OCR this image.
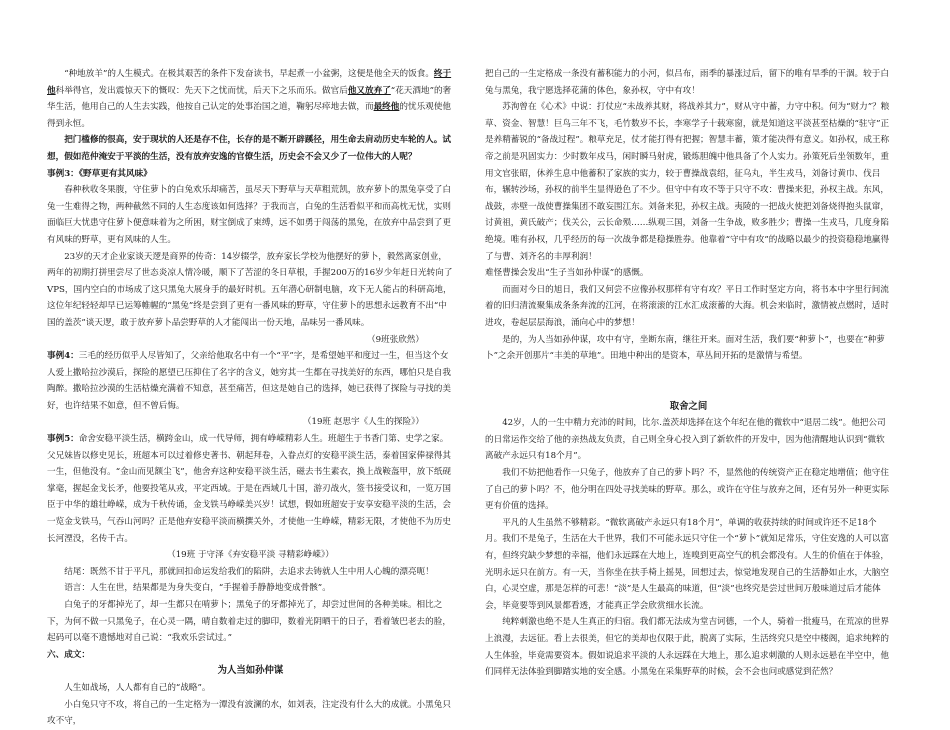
“种地放羊”的人生模式。在极其艰苦的条件下发奋读书，早起煮一小盆粥，这便是他全天的饭食。终于他科举得官，发出震惊天下的慨叹：先天下之忧而忧，后天下之乐而乐。做官后他又放弃了“花天酒地”的奢华生活，他用自己的人生去实践，他按自己认定的处事治国之道，鞠躬尽瘁地去做，而最终他的忧乐观使他得到永恒。

把门槛修的很高，安于现状的人还是存不住，长存的是不断开辟蹊径，用生命去肩动历史车轮的人。试想，假如范仲淹安于平淡的生活，没有放弃安逸的官僚生活，历史会不会又少了一位伟大的人呢？

事例3：《野草更有其风味》

春种秋收冬果腹，守住萝卜的白兔欢乐却痛苦，虽尽天下野草与天草粗荒凯，放弃萝卜的黑兔享受了白兔一生难得之物，两种截然不同的人生态度该如何选择？于我而言，白兔的生活看似平和而高枕无忧，实则面临巨大忧患守住萝卜便意味着为之所困，财宝倒成了束缚，远不如勇于闯荡的黑兔，在放弃中品尝到了更有风味的野草，更有风味的人生。

23岁的天才企业家谈天逻是商界的传奇：14岁辍学，放弃家长学校为他摆好的萝卜，毅然离家创业，两年的初期打拼里尝尽了世态炎凉人情冷暖，顺下了苦涩的冬日草根，手握200万的16岁少年赶日光转向了VPS，国内空白的市场成了这只黑兔大展身手的最好时机。五年潜心研制电脑，攻下无人能占的科研高地，这位年纪轻轻却早已运筹帷幄的“黑兔”终是尝到了更有一番风味的野草，守住萝卜的思想永远教育不出“中国的盖茨”谈天逻，敢于放弃萝卜品尝野草的人才能闯出一份天地，品味另一番风味。

（9班张欣然）

事例4：三毛的经历似乎人尽皆知了，父亲给他取名中有一个“平”字，是希望她平和度过一生，但当这个女人爱上撒哈拉沙漠后，探险的愿望已压抑住了名字的含义，她穷其一生都在寻找美好的东西，哪怕只是自我陶醉。撒哈拉沙漠的生活枯燥充满着不知意，甚至痛苦，但这是她自己的选择，她已获得了探险与寻找的美好，也许结果不如意，但不曾后悔。

（19班 赵思宇《人生的探险》）

事例5：命舍安稳平淡生活，横跨金山，成一代导师，拥有峥嵘精彩人生。班超生于书香门第、史学之家。父兄妹皆以修史见长，班超本可以过着修史著书、朝起拜卷，入眷点灯的安稳平淡生活，泰着国家俸禄得其一生，但他没有。“金山而见额尘飞”，他舍弃这种安稳平淡生活，磁去书生素衣，换上战鞍盔甲，放下纸砚掌毫，握起金戈长矛，他要投笔从戎，平定西域。于是在西域几十国，游刃战火，签书接受议和，一览万国臣于中华的雄壮峥嵘，成为千秋传诵，金戈铁马峥嵘美兴岁！试想，假如班超安于安享安稳平淡的生活，会一览金戈铁马，气吞山河吗？正是他弃安稳平淡而横撰关外，才使他一生峥嵘，精彩无限，才使他不为历史长河湮没，名传千古。

（19班 于守泽《弃安稳平淡 寻精彩峥嵘》）

结尾：既然不甘于平凡，那就回扣命运发给我们的陷阱，去追求去铸就人生中用人心魄的漂亮呃！

语言：人生在世，结果都是为身失变白，“手握着手静静地变成骨骸”。

白兔子的牙都掉光了，却一生都只在啃萝卜；黑兔子的牙都掉光了，却尝过世间的各种美味。相比之下，为何不做一只黑兔子，在心灵一隅，晴自数着走过的脚印，数着光阴晒干的日子，看着皱巴老去的脸，起码可以毫不遗憾地对自己说：“我欢乐尝试过。”

六、成文：

为人当如孙仲谋

人生如战场，人人都有自己的“战略”。

小白兔只守不攻，将自己的一生定格为一潭没有波澜的水，如刘表，注定没有什么大的成就。小黑兔只攻不守，

把自己的一生定格成一条没有蓄积能力的小河，似吕布，雨季的暴涨过后，留下的唯有旱季的干涸。较于白兔与黑兔，我宁愿选择花蒲的体色，象孙权，守中有攻！

苏洵曾在《心术》中说：打仗应“未战养其财，将战养其力”，财从守中蓄，力守中积。何为“财力”？粮草、资金、智慧！巨鸟三年不飞，毛竹数岁不长，李寒学子十载寒窗，就是知道这平淡甚至枯燥的“驻守”正是养精蓄锐的“备战过程”。粮草充足，仗才能打得有把握；智慧丰蓄，策才能决得有意义。如孙权，成王称帝之前是巩固实力：少时数年戍马，闲时瞬马射虎，锻炼胆魄中他具备了个人实力。孙策死后坐领数年，重用文官张昭，休养生息中他蓄积了家族的实力，较于曹操战袁绍，征乌丸，半生戎马，刘备讨黄巾、伐吕布，辗转沙场，孙权的前半生显得逊色了不少。但守中有攻不等于只守不攻：曹操来犯，孙权主战。东风，战鼓，赤壁一战使曹操集团不敢妄围江东。刘备来犯，孙权主战。夷陵的一把战火使把刘备烧得抱头鼠窜，讨黄祖，黄氏破产；伐关公，云长命殒……纵观三国，刘备一生争战，败多胜少；曹操一生戎马，几度身陷绝境。唯有孙权，几乎经历的每一次战争都是稳操胜券。他靠着“守中有攻”的战略以最少的投资稳稳地赢得了与曹、刘齐名的丰厚利润！

难怪曹操会发出“生子当如孙仲谋”的感慨。

而面对今日的旭日，我们又何尝不应像孙权那样有守有攻？平日工作时坚定方向，将书本中字里行间流着的旧归清流聚集成条条奔流的江河，在将滚滚的江水汇成滚蓄的大海。机会来临时，激情被点燃时，适时进攻，卷起层层海浪，涌向心中的梦想！

是的，为人当如孙仲谋，攻中有守，坐断东南，继往开来。面对生活，我们要“种萝卜”，也要在“种萝卜”之余开创那片“丰美的草地”。田地中种出的是资本，草丛间开拓的是激情与希望。

取舍之间

42岁，人的一生中精力充沛的时间，比尔.盖茨却选择在这个年纪在他的微软中“退居二线”。他把公司的日常运作交给了他的亲热战友负责，自己则全身心投入到了新软件的开发中，因为他清醒地认识到“微软离破产永远只有18个月”。

我们不妨把他看作一只兔子，他放弃了自己的萝卜吗？不，显然他的传统资产正在稳定地增值；他守住了自己的萝卜吗？不，他分明在四处寻找美味的野草。那么，或许在守住与放弃之间，还有另外一种更实际更有价值的选择。

平凡的人生虽然不够精彩。“微软离破产永远只有18个月”，单调的收获持续的时间或许还不足18个月。我们不是兔子，生活在大千世界，我们不可能永远只守住一个“萝卜”就知足常乐，守住安逸的人可以富有，但终究缺少梦想的幸福，他们永远踩在大地上，连嗅到更高空气的机会都没有。人生的价值在于体验，光明永远只在前方。有一天，当你坐在扶手椅上摇晃，回想过去，惊觉地发现自己的生活静如止水，大脑空白，心灵空虚，那是怎样的可悲！“淡”是人生最高的味道，但“淡”也终究是尝过世间万般味道过后才能体会，毕竟要等到风景都看透，才能真正学会欣赏细水长流。

纯粹刺激也绝不是人生真正的归宿。我们都无法成为堂吉诃德，一个人，骑着一批瘦马，在荒凉的世界上浪漫，去远征。看上去很美，但它的美却也仅限于此，脱离了实际，生活终究只是空中楼阁，追求纯粹的人生体验，毕竟需要资本。假如说追求平淡的人永远踩在大地上，那么追求刺激的人则永远悬在半空中，他们同样无法体验到脚踏实地的安全感。小黑兔在采集野草的时候，会不会也问或感觉到茫然？
